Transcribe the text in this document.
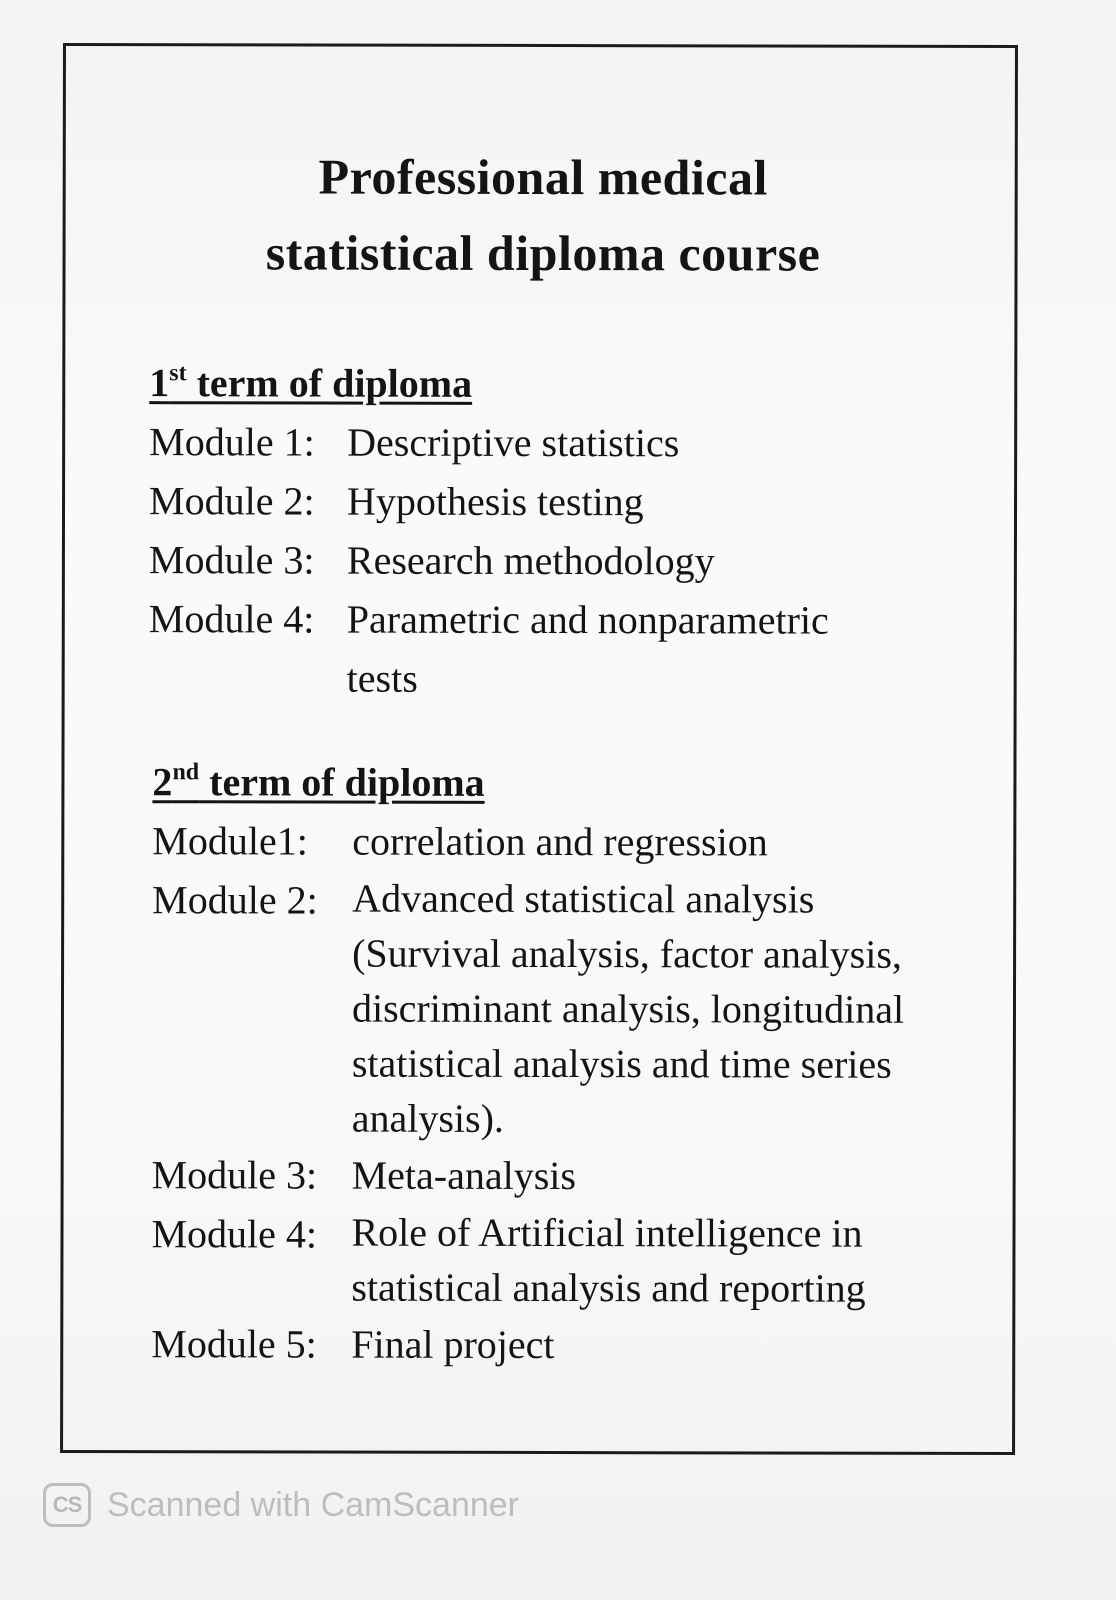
Professional medical
statistical diploma course
1st term of diploma
Module 1: Descriptive statistics
Module 2: Hypothesis testing
Module 3: Research methodology
Module 4: Parametric and nonparametric tests
2nd term of diploma
Module1:	correlation and regression
Module 2: Advanced statistical analysis (Survival analysis, factor analysis, discriminant analysis, longitudinal statistical analysis and time series analysis).
Module 3: Meta-analysis
Module 4: Role of Artificial intelligence in statistical analysis and reporting
Module 5: Final project
CS Scanned with CamScanner
